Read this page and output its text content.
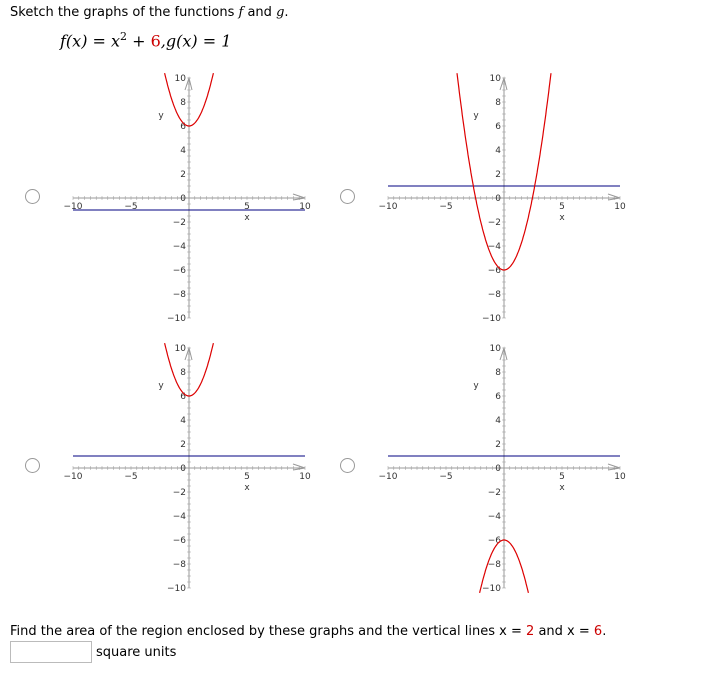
Sketch the graphs of the functions f and g.
$f(x) = x^2 + 6,g(x) = 1$
−10	−5	5	10
10
8
6
4
2
0
−2
−4
−6
−8
−10
x
y
−10	−5	5	10
10
8
6
4
2
0
−2
−4
−6
−8
−10
x
y
−10	−5	5	10
10
8
6
4
2
0
−2
−4
−6
−8
−10
x
y
−10	−5	5	10
10
8
6
4
2
0
−2
−4
−6
−8
−10
x
y
Find the area of the region enclosed by these graphs and the vertical lines x = 2 and x = 6.
square units
